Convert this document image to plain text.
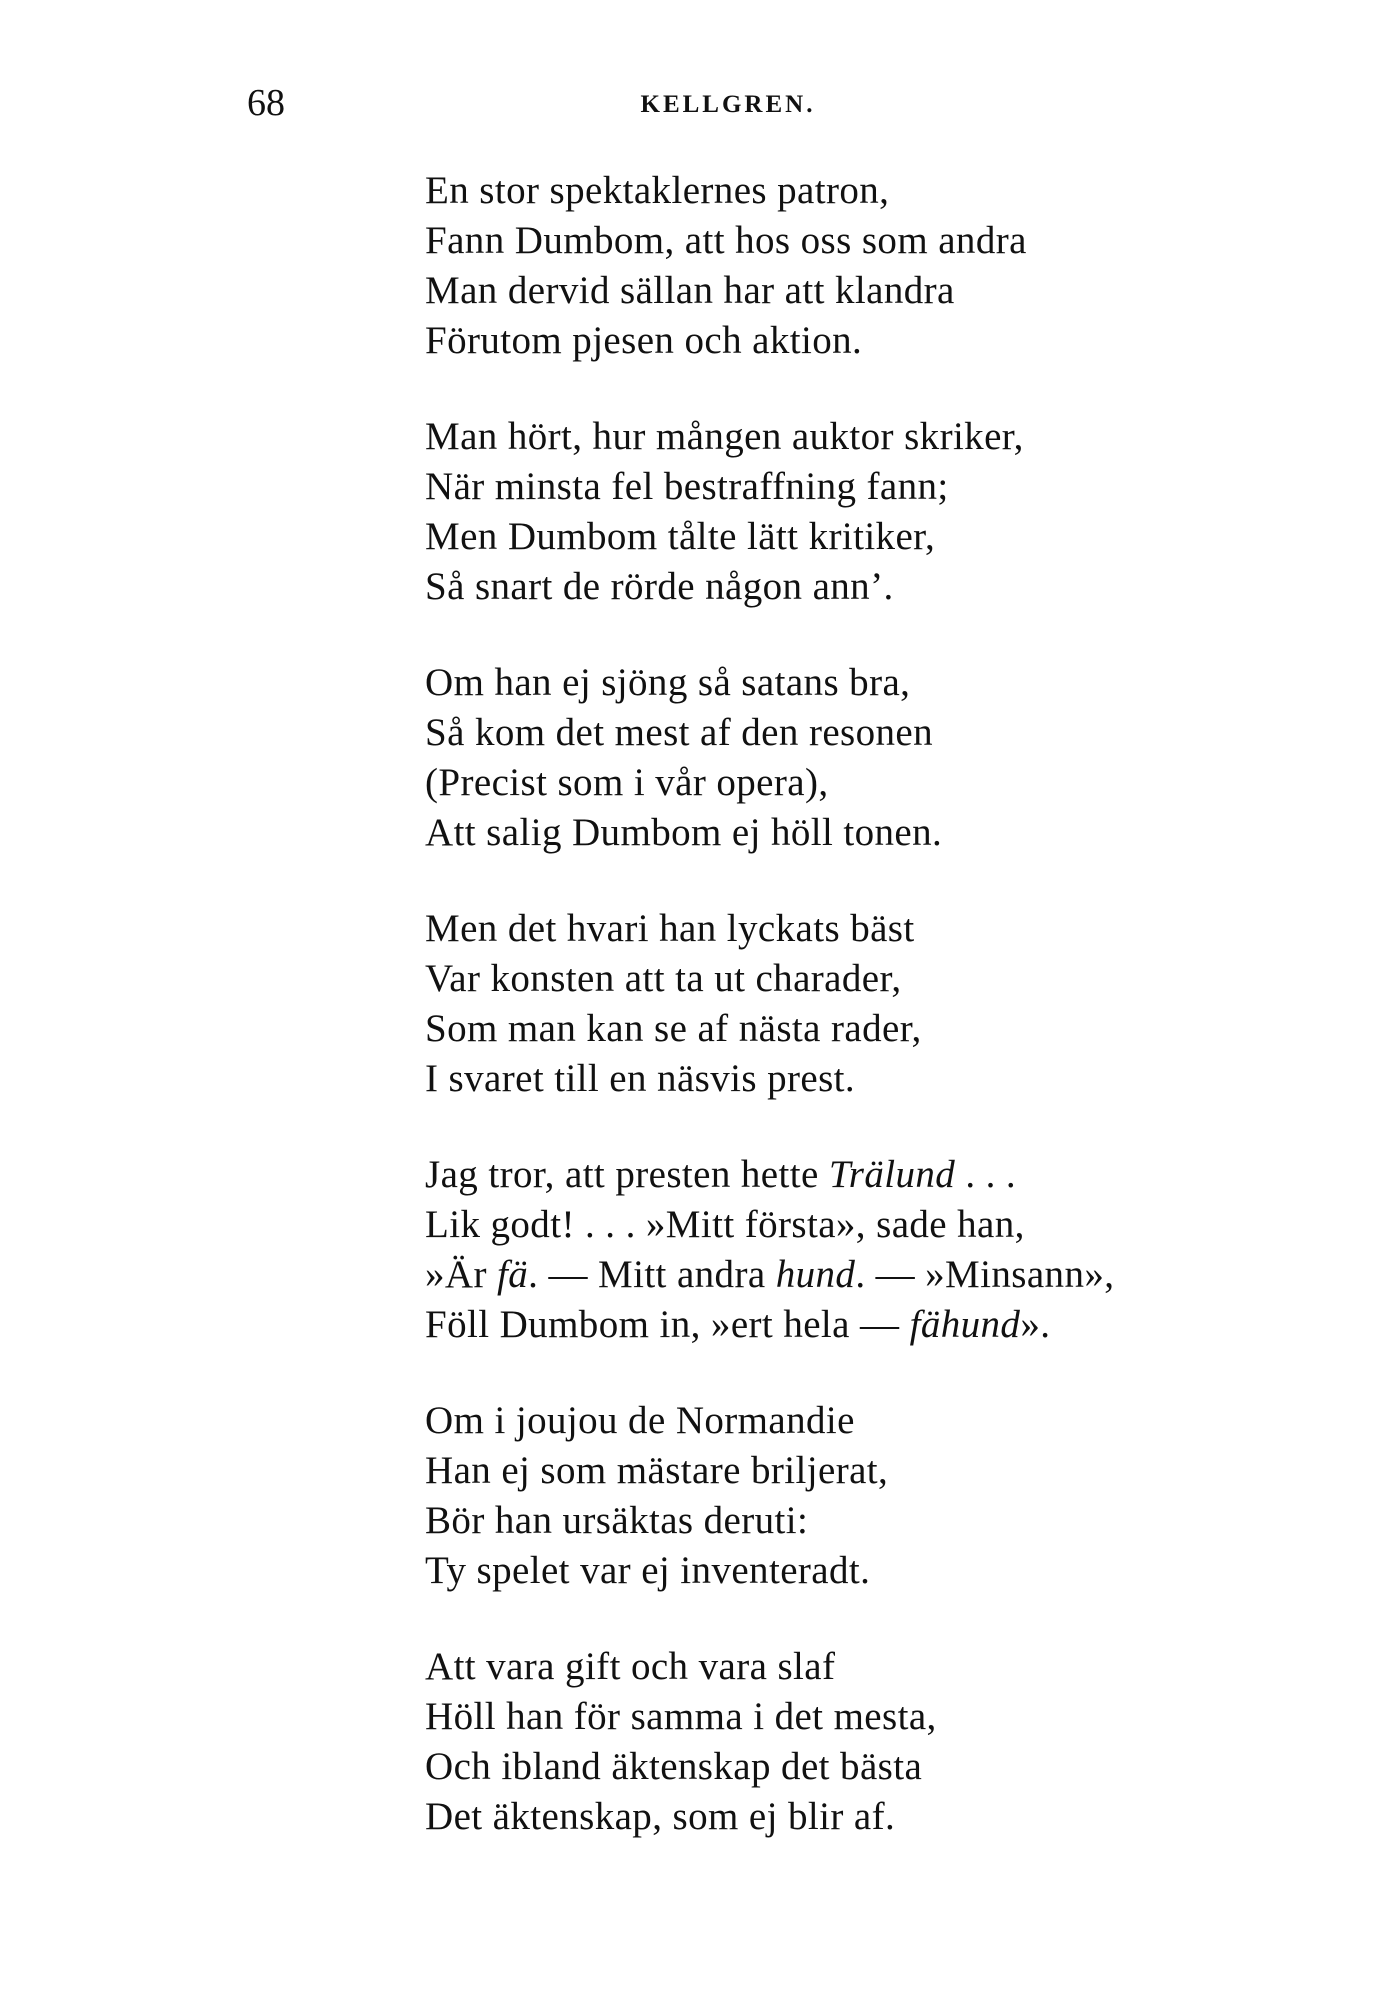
68	KELLGREN.
En stor spektaklernes patron,
Fann Dumbom, att hos oss som andra
Man dervid sällan har att klandra
Förutom pjesen och aktion.
Man hört, hur mången auktor skriker,
När minsta fel bestraffning fann;
Men Dumbom tålte lätt kritiker,
Så snart de rörde någon ann’.
Om han ej sjöng så satans bra,
Så kom det mest af den resonen
(Precist som i vår opera),
Att salig Dumbom ej höll tonen.
Men det hvari han lyckats bäst
Var konsten att ta ut charader,
Som man kan se af nästa rader,
I svaret till en näsvis prest.
Jag tror, att presten hette Trälund . . .
Lik godt! . . . »Mitt första», sade han,
»Är fä. — Mitt andra hund. — »Minsann»,
Föll Dumbom in, »ert hela — fähund».
Om i joujou de Normandie
Han ej som mästare briljerat,
Bör han ursäktas deruti:
Ty spelet var ej inventeradt.
Att vara gift och vara slaf
Höll han för samma i det mesta,
Och ibland äktenskap det bästa
Det äktenskap, som ej blir af.
